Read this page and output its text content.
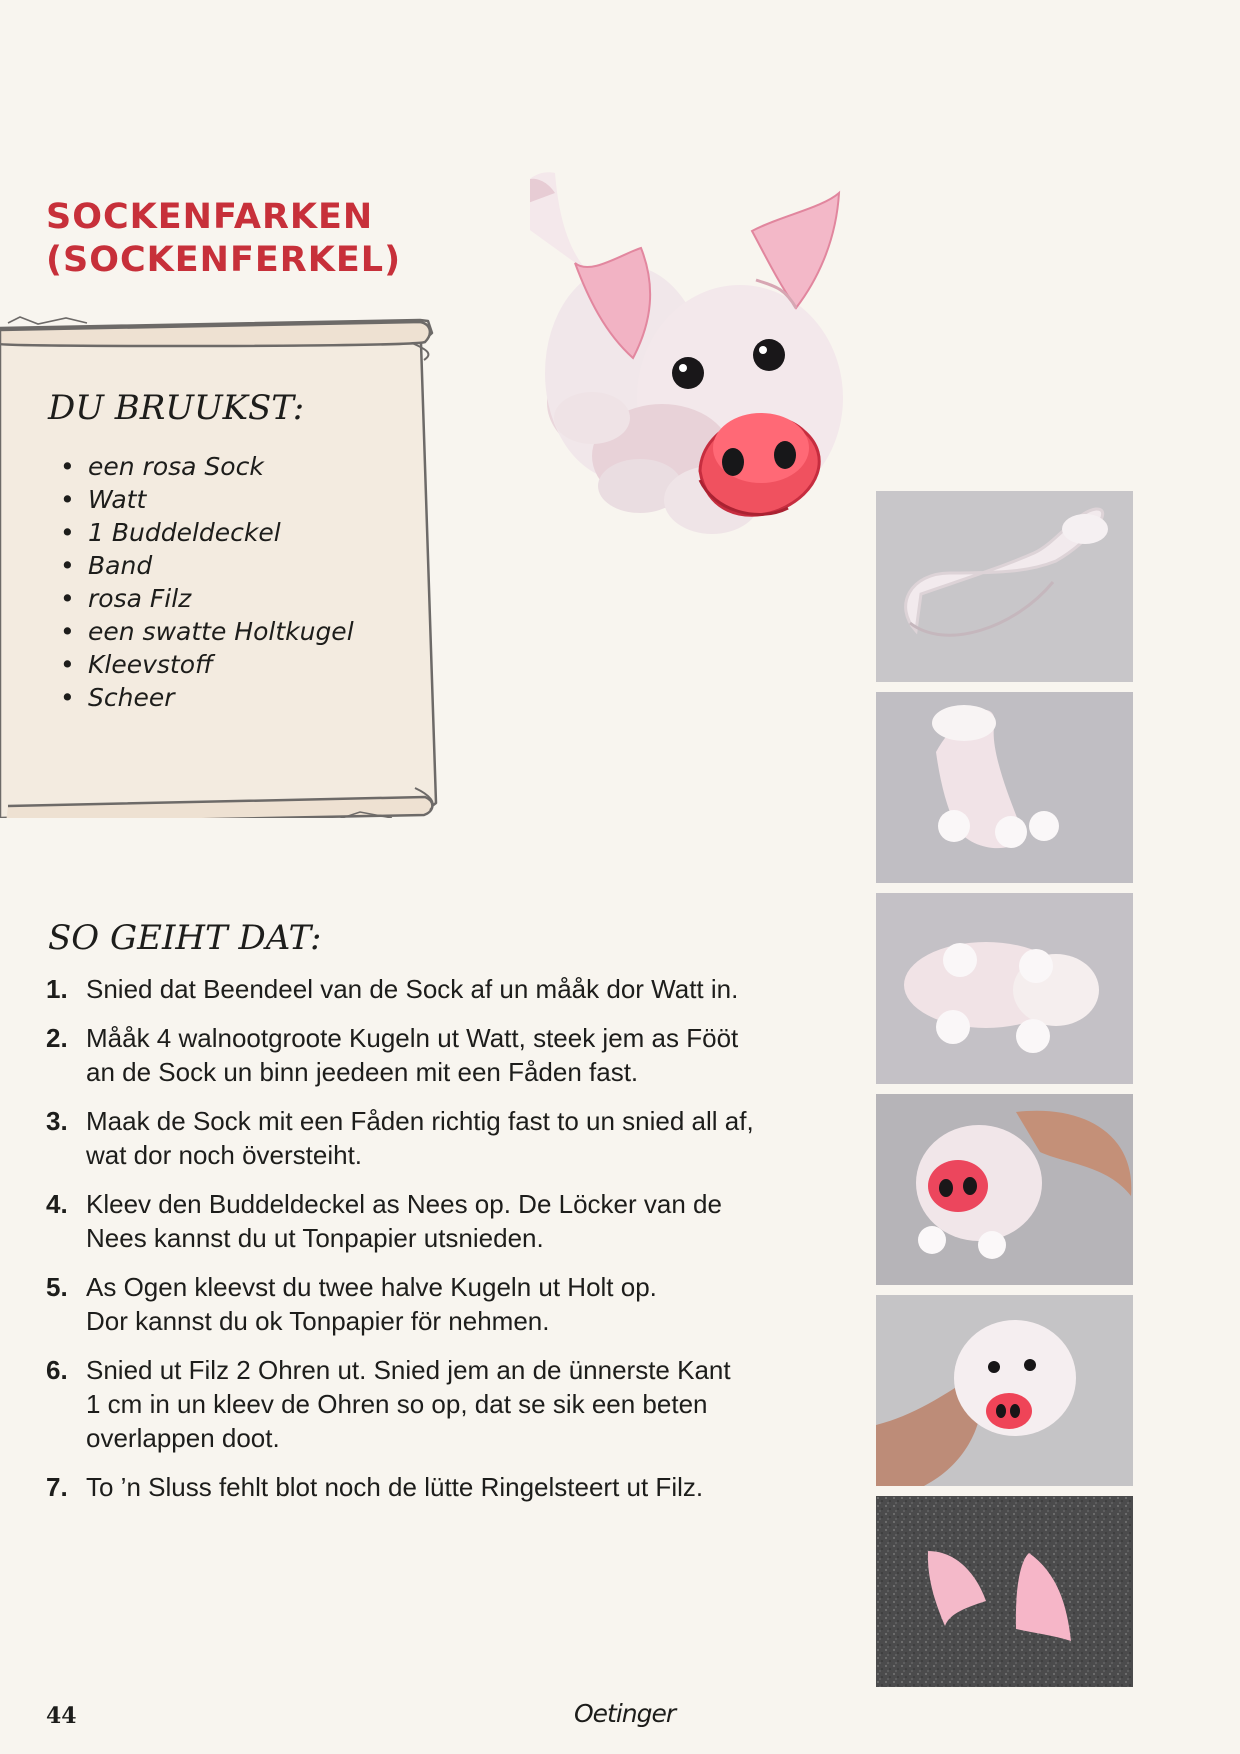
SOCKENFARKEN
(SOCKENFERKEL)
DU BRUUKST:
• een rosa Sock
• Watt
• 1 Buddeldeckel
• Band
• rosa Filz
• een swatte Holtkugel
• Kleevstoff
• Scheer
SO GEIHT DAT:
1. Snied dat Beendeel van de Sock af un mååk dor Watt in.
2. Mååk 4 walnootgroote Kugeln ut Watt, steek jem as Fööt
an de Sock un binn jeedeen mit een Fåden fast.
3. Maak de Sock mit een Fåden richtig fast to un snied all af,
wat dor noch översteiht.
4. Kleev den Buddeldeckel as Nees op. De Löcker van de
Nees kannst du ut Tonpapier utsnieden.
5. As Ogen kleevst du twee halve Kugeln ut Holt op.
Dor kannst du ok Tonpapier för nehmen.
6. Snied ut Filz 2 Ohren ut. Snied jem an de ünnerste Kant
1 cm in un kleev de Ohren so op, dat se sik een beten
overlappen doot.
7. To ’n Sluss fehlt blot noch de lütte Ringelsteert ut Filz.

44	Oetinger
